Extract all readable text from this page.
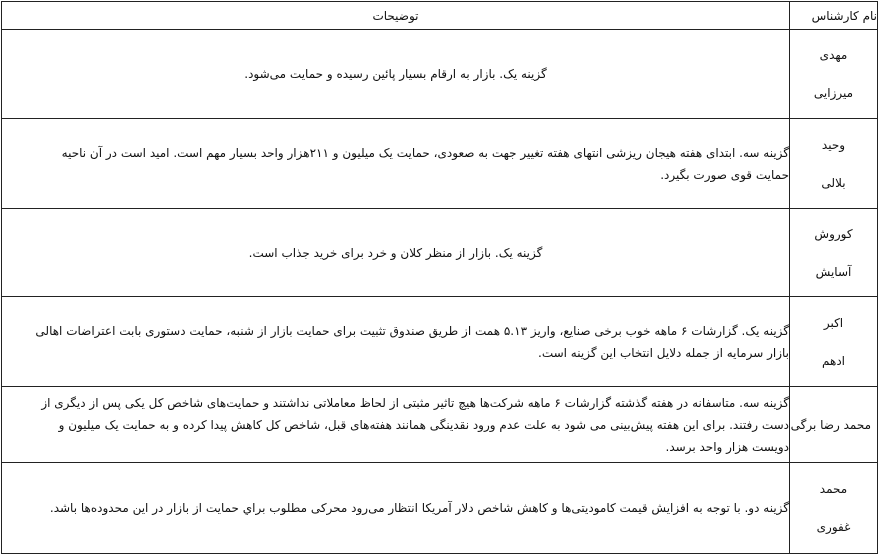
نام کارشناس	توضیحات

مهدی
میرزایی	گزینه یک. بازار به ارقام بسیار پائین رسیده و حمایت می‌شود.

وحید
بلالی	گزینه سه. ابتدای هفته هیجان ریزشی انتهای هفته تغییر جهت به صعودی، حمایت یک میلیون و ۲۱۱هزار واحد بسیار مهم است. امید است در آن ناحیه
حمایت قوی صورت بگیرد.

کوروش
آسایش	گزینه یک. بازار از منظر کلان و خرد برای خرید جذاب است.

اکبر
ادهم	گزینه یک. گزارشات ۶ ماهه خوب برخی صنایع، واریز ۵.۱۳ همت از طریق صندوق تثبیت برای حمایت بازار از شنبه، حمایت دستوری بابت اعتراضات اهالی
بازار سرمایه از جمله دلایل انتخاب این گزینه است.

محمد رضا برگی	گزینه سه. متاسفانه در هفته گذشته گزارشات ۶ ماهه شرکت‌ها هیچ تاثیر مثبتی از لحاظ معاملاتی نداشتند و حمایت‌های شاخص کل یکی پس از دیگری از
دست رفتند. برای این هفته پیش‌بینی می شود به علت عدم ورود نقدینگی همانند هفته‌های قبل، شاخص کل کاهش پیدا کرده و به حمایت یک میلیون و
دویست هزار واحد برسد.

محمد
غفوری	گزینه دو. با توجه به افزایش قیمت کامودیتی‌ها و کاهش شاخص دلار آمریکا انتظار می‌رود محرکی مطلوب براي حمایت از بازار در این محدوده‌ها باشد.
